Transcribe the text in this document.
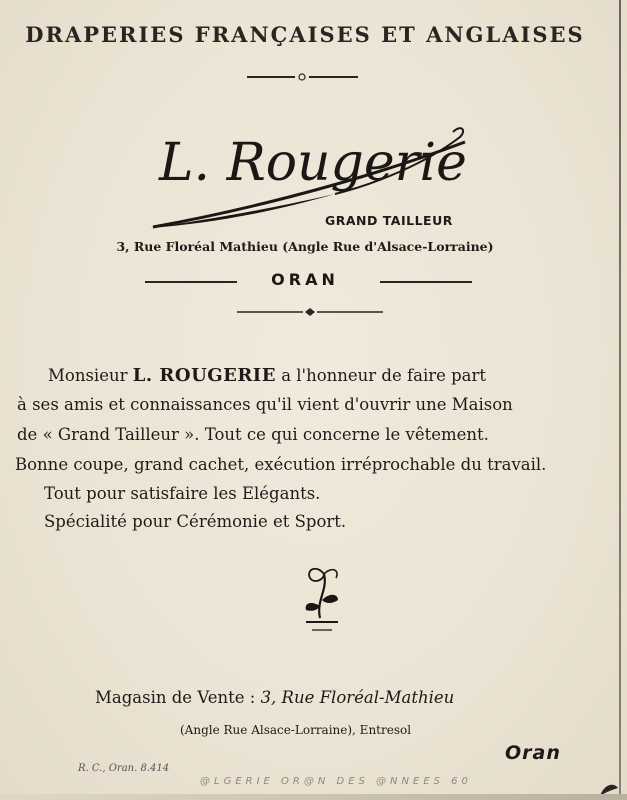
DRAPERIES FRANÇAISES ET ANGLAISES
L. Rougerie
GRAND TAILLEUR
3, Rue Floréal Mathieu (Angle Rue d'Alsace-Lorraine)
ORAN
Monsieur L. ROUGERIE a l'honneur de faire part
à ses amis et connaissances qu'il vient d'ouvrir une Maison
de « Grand Tailleur ». Tout ce qui concerne le vêtement.
Bonne coupe, grand cachet, exécution irréprochable du travail.
Tout pour satisfaire les Elégants.
Spécialité pour Cérémonie et Sport.
Magasin de Vente : 3, Rue Floréal-Mathieu
(Angle Rue Alsace-Lorraine), Entresol
Oran
R. C., Oran. 8.414
@LGERIE OR@N DES @NNEES 60
